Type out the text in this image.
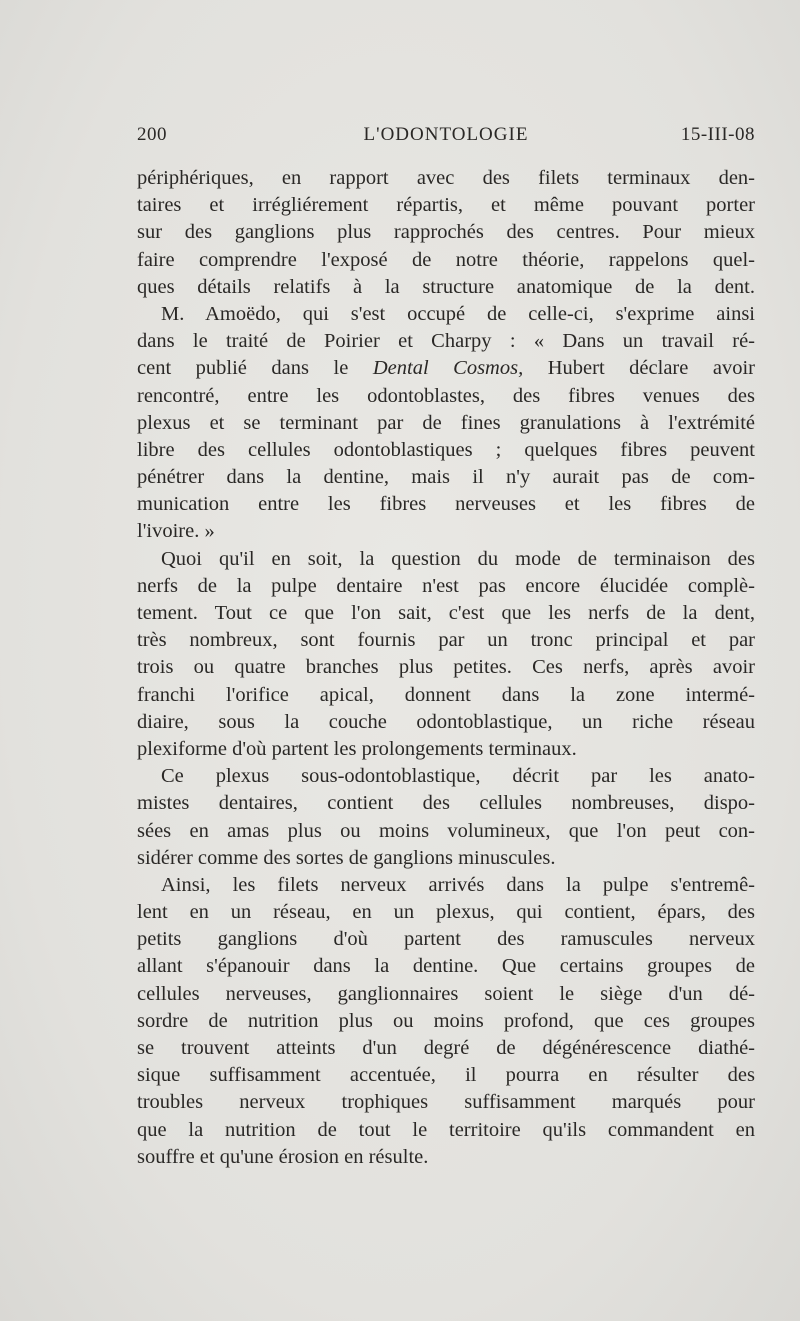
200	L'ODONTOLOGIE	15-III-08
périphériques, en rapport avec des filets terminaux den-
taires et irrégliérement répartis, et même pouvant porter
sur des ganglions plus rapprochés des centres. Pour mieux
faire comprendre l'exposé de notre théorie, rappelons quel-
ques détails relatifs à la structure anatomique de la dent.
M. Amoëdo, qui s'est occupé de celle-ci, s'exprime ainsi
dans le traité de Poirier et Charpy : « Dans un travail ré-
cent publié dans le Dental Cosmos, Hubert déclare avoir
rencontré, entre les odontoblastes, des fibres venues des
plexus et se terminant par de fines granulations à l'extrémité
libre des cellules odontoblastiques ; quelques fibres peuvent
pénétrer dans la dentine, mais il n'y aurait pas de com-
munication entre les fibres nerveuses et les fibres de
l'ivoire. »
Quoi qu'il en soit, la question du mode de terminaison des
nerfs de la pulpe dentaire n'est pas encore élucidée complè-
tement. Tout ce que l'on sait, c'est que les nerfs de la dent,
très nombreux, sont fournis par un tronc principal et par
trois ou quatre branches plus petites. Ces nerfs, après avoir
franchi l'orifice apical, donnent dans la zone intermé-
diaire, sous la couche odontoblastique, un riche réseau
plexiforme d'où partent les prolongements terminaux.
Ce plexus sous-odontoblastique, décrit par les anato-
mistes dentaires, contient des cellules nombreuses, dispo-
sées en amas plus ou moins volumineux, que l'on peut con-
sidérer comme des sortes de ganglions minuscules.
Ainsi, les filets nerveux arrivés dans la pulpe s'entremê-
lent en un réseau, en un plexus, qui contient, épars, des
petits ganglions d'où partent des ramuscules nerveux
allant s'épanouir dans la dentine. Que certains groupes de
cellules nerveuses, ganglionnaires soient le siège d'un dé-
sordre de nutrition plus ou moins profond, que ces groupes
se trouvent atteints d'un degré de dégénérescence diathé-
sique suffisamment accentuée, il pourra en résulter des
troubles nerveux trophiques suffisamment marqués pour
que la nutrition de tout le territoire qu'ils commandent en
souffre et qu'une érosion en résulte.
